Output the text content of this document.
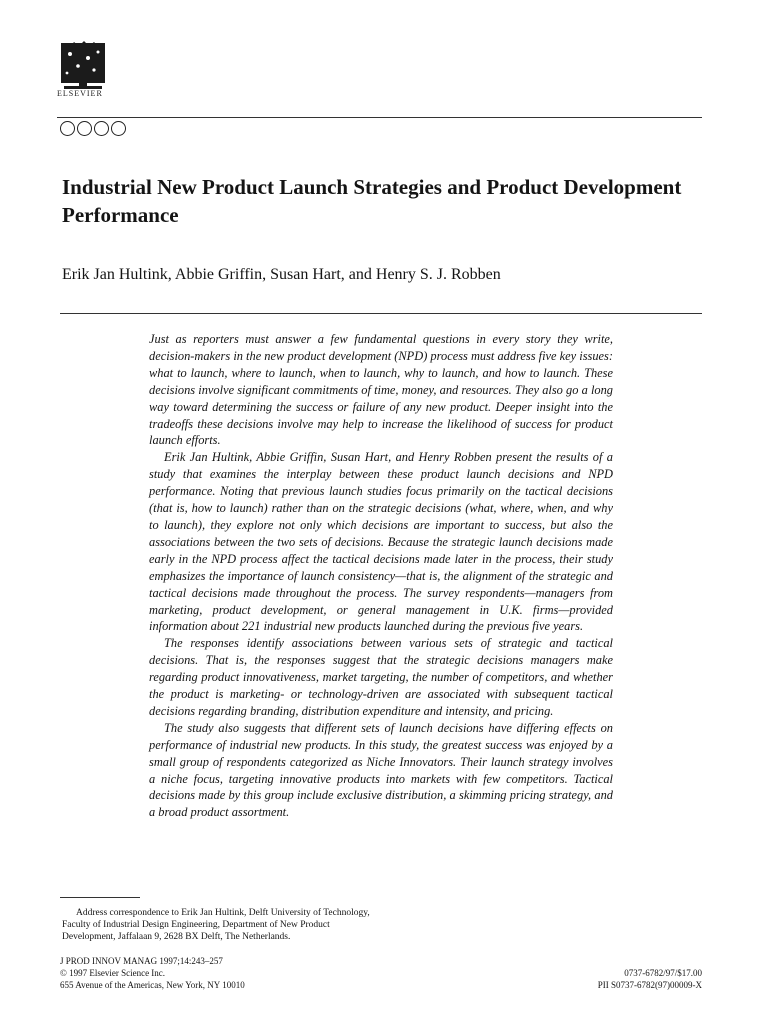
ELSEVIER
Industrial New Product Launch Strategies and Product Development Performance

Erik Jan Hultink, Abbie Griffin, Susan Hart, and Henry S. J. Robben

Just as reporters must answer a few fundamental questions in every story they write, decision-makers in the new product development (NPD) process must address five key issues: what to launch, where to launch, when to launch, why to launch, and how to launch. These decisions involve significant commitments of time, money, and resources. They also go a long way toward determining the success or failure of any new product. Deeper insight into the tradeoffs these decisions involve may help to increase the likelihood of success for product launch efforts.

Erik Jan Hultink, Abbie Griffin, Susan Hart, and Henry Robben present the results of a study that examines the interplay between these product launch decisions and NPD performance. Noting that previous launch studies focus primarily on the tactical decisions (that is, how to launch) rather than on the strategic decisions (what, where, when, and why to launch), they explore not only which decisions are important to success, but also the associations between the two sets of decisions. Because the strategic launch decisions made early in the NPD process affect the tactical decisions made later in the process, their study emphasizes the importance of launch consistency—that is, the alignment of the strategic and tactical decisions made throughout the process. The survey respondents—managers from marketing, product development, or general management in U.K. firms—provided information about 221 industrial new products launched during the previous five years.

The responses identify associations between various sets of strategic and tactical decisions. That is, the responses suggest that the strategic decisions managers make regarding product innovativeness, market targeting, the number of competitors, and whether the product is marketing- or technology-driven are associated with subsequent tactical decisions regarding branding, distribution expenditure and intensity, and pricing.

The study also suggests that different sets of launch decisions have differing effects on performance of industrial new products. In this study, the greatest success was enjoyed by a small group of respondents categorized as Niche Innovators. Their launch strategy involves a niche focus, targeting innovative products into markets with few competitors. Tactical decisions made by this group include exclusive distribution, a skimming pricing strategy, and a broad product assortment.

Address correspondence to Erik Jan Hultink, Delft University of Technology, Faculty of Industrial Design Engineering, Department of New Product Development, Jaffalaan 9, 2628 BX Delft, The Netherlands.

J PROD INNOV MANAG 1997;14:243–257
© 1997 Elsevier Science Inc.
655 Avenue of the Americas, New York, NY 10010
0737-6782/97/$17.00
PII S0737-6782(97)00009-X
